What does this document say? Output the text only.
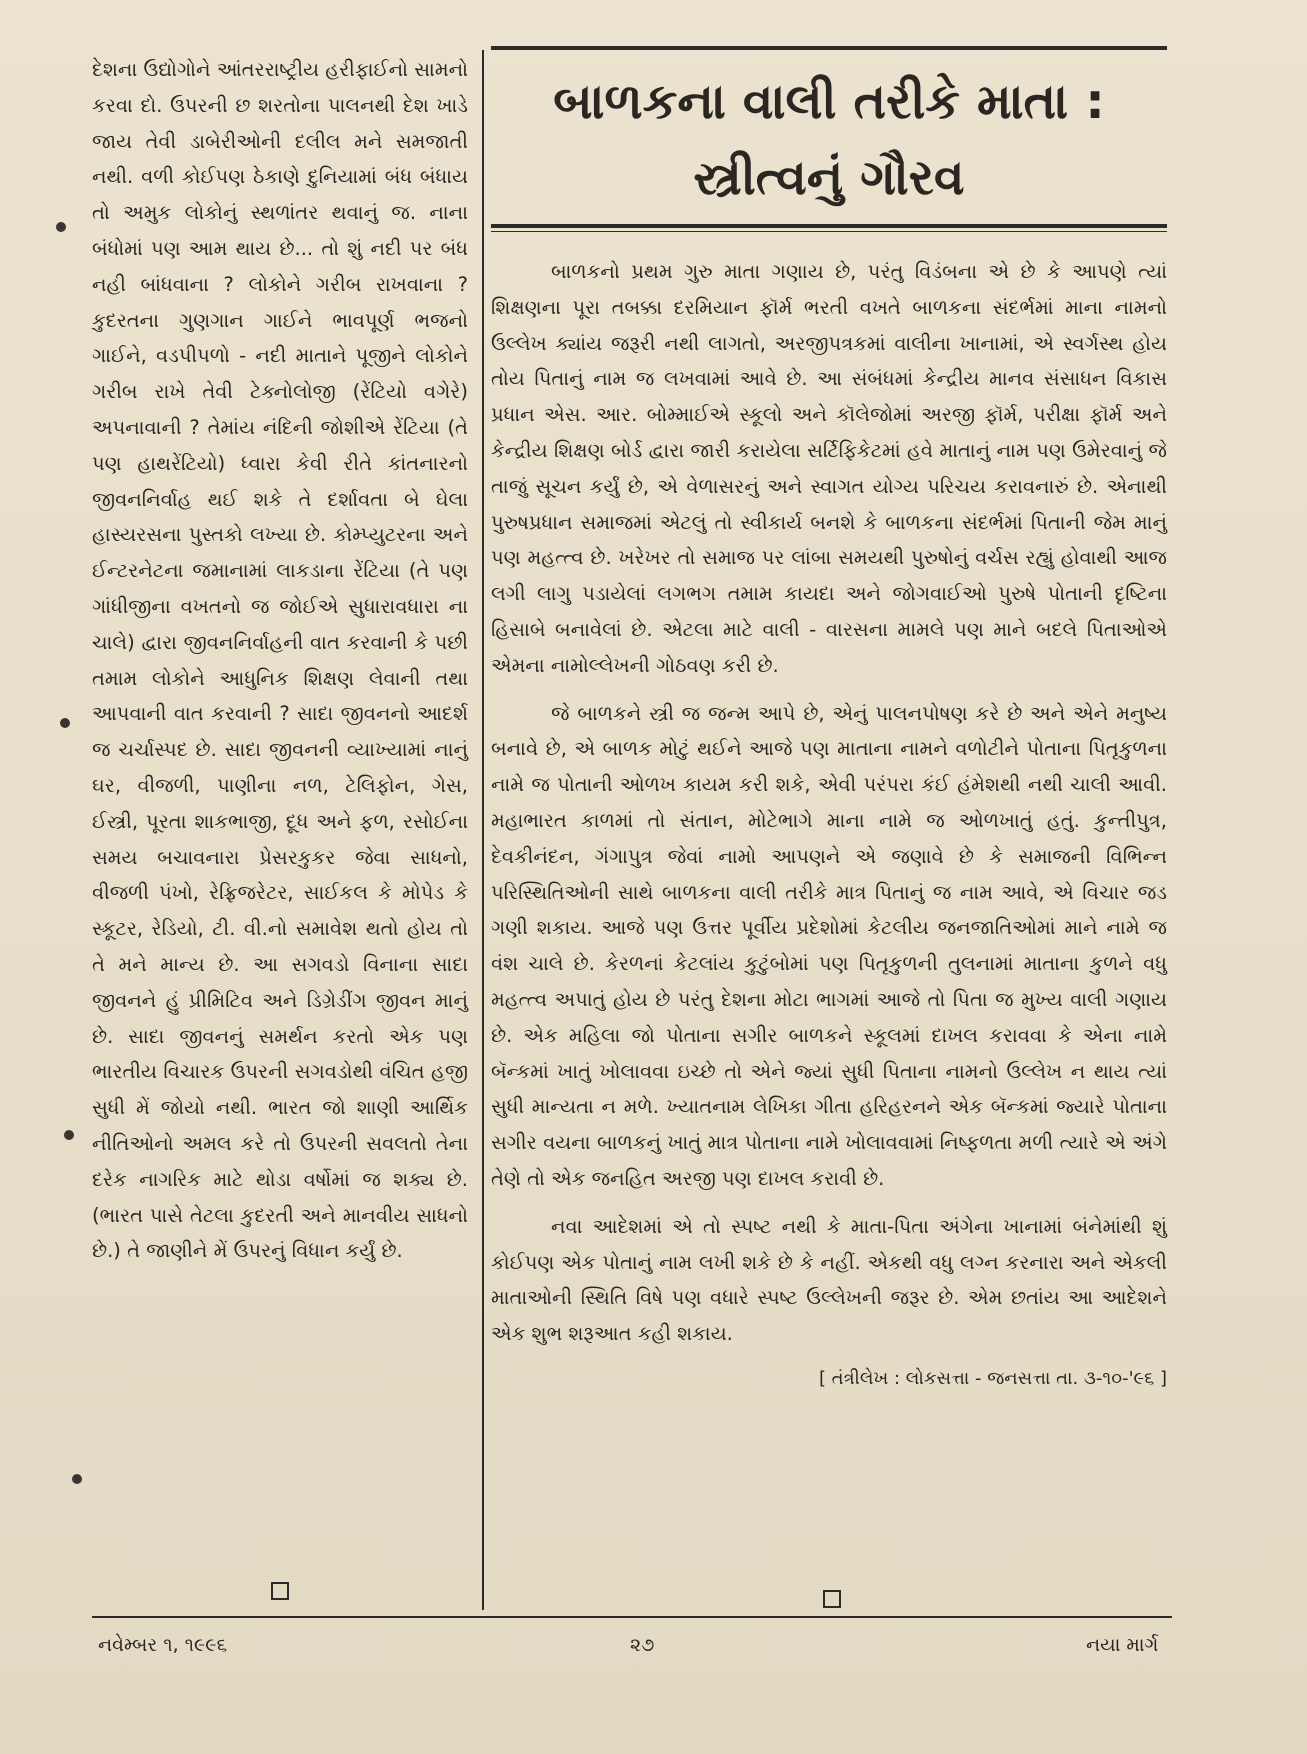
દેશના ઉદ્યોગોને આંતરરાષ્ટ્રીય હરીફાઈનો સામનો કરવા દો. ઉપરની છ શરતોના પાલનથી દેશ ખાડે જાય તેવી ડાબેરીઓની દલીલ મને સમજાતી નથી. વળી કોઈપણ ઠેકાણે દુનિયામાં બંધ બંધાય તો અમુક લોકોનું સ્થળાંતર થવાનું જ. નાના બંધોમાં પણ આમ થાય છે... તો શું નદી પર બંધ નહી બાંધવાના ? લોકોને ગરીબ રાખવાના ? કુદરતના ગુણગાન ગાઈને ભાવપૂર્ણ ભજનો ગાઈને, વડપીપળો - નદી માતાને પૂજીને લોકોને ગરીબ રાખે તેવી ટેક્નોલોજી (રેંટિયો વગેરે) અપનાવાની ? તેમાંય નંદિની જોશીએ રેંટિયા (તે પણ હાથરેંટિયો) ધ્વારા કેવી રીતે કાંતનારનો જીવનનિર્વાહ થઈ શકે તે દર્શાવતા બે ઘેલા હાસ્યરસના પુસ્તકો લખ્યા છે. કોમ્પ્યુટરના અને ઈન્ટરનેટના જમાનામાં લાકડાના રેંટિયા (તે પણ ગાંધીજીના વખતનો જ જોઈએ સુધારાવધારા ના ચાલે) દ્વારા જીવનનિર્વાહની વાત કરવાની કે પછી તમામ લોકોને આધુનિક શિક્ષણ લેવાની તથા આપવાની વાત કરવાની ? સાદા જીવનનો આદર્શ જ ચર્ચાસ્પદ છે. સાદા જીવનની વ્યાખ્યામાં નાનું ઘર, વીજળી, પાણીના નળ, ટેલિફોન, ગેસ, ઈસ્ત્રી, પૂરતા શાકભાજી, દૂધ અને ફળ, રસોઈના સમય બચાવનારા પ્રેસરકુકર જેવા સાધનો, વીજળી પંખો, રેફ્રિજરેટર, સાઈકલ કે મોપેડ કે સ્કૂટર, રેડિયો, ટી. વી.નો સમાવેશ થતો હોય તો તે મને માન્ય છે. આ સગવડો વિનાના સાદા જીવનને હું પ્રીમિટિવ અને ડિગ્રેડીંગ જીવન માનું છે. સાદા જીવનનું સમર્થન કરતો એક પણ ભારતીય વિચારક ઉપરની સગવડોથી વંચિત હજી સુધી મેં જોયો નથી. ભારત જો શાણી આર્થિક નીતિઓનો અમલ કરે તો ઉપરની સવલતો તેના દરેક નાગરિક માટે થોડા વર્ષોમાં જ શક્ય છે. (ભારત પાસે તેટલા કુદરતી અને માનવીય સાધનો છે.) તે જાણીને મેં ઉપરનું વિધાન કર્યું છે.

બાળકના વાલી તરીકે માતા :
સ્ત્રીત્વનું ગૌરવ

બાળકનો પ્રથમ ગુરુ માતા ગણાય છે, પરંતુ વિડંબના એ છે કે આપણે ત્યાં શિક્ષણના પૂરા તબક્કા દરમિયાન ફૉર્મ ભરતી વખતે બાળકના સંદર્ભમાં માના નામનો ઉલ્લેખ ક્યાંય જરૂરી નથી લાગતો, અરજીપત્રકમાં વાલીના ખાનામાં, એ સ્વર્ગસ્થ હોય તોય પિતાનું નામ જ લખવામાં આવે છે. આ સંબંધમાં કેન્દ્રીય માનવ સંસાધન વિકાસ પ્રધાન એસ. આર. બોમ્માઈએ સ્કૂલો અને કૉલેજોમાં અરજી ફૉર્મ, પરીક્ષા ફૉર્મ અને કેન્દ્રીય શિક્ષણ બોર્ડ દ્વારા જારી કરાયેલા સર્ટિફિકેટમાં હવે માતાનું નામ પણ ઉમેરવાનું જે તાજું સૂચન કર્યું છે, એ વેળાસરનું અને સ્વાગત યોગ્ય પરિચય કરાવનારું છે. એનાથી પુરુષપ્રધાન સમાજમાં એટલું તો સ્વીકાર્ય બનશે કે બાળકના સંદર્ભમાં પિતાની જેમ માનું પણ મહત્ત્વ છે. ખરેખર તો સમાજ પર લાંબા સમયથી પુરુષોનું વર્ચસ રહ્યું હોવાથી આજ લગી લાગુ પડાયેલાં લગભગ તમામ કાયદા અને જોગવાઈઓ પુરુષે પોતાની દૃષ્ટિના હિસાબે બનાવેલાં છે. એટલા માટે વાલી - વારસના મામલે પણ માને બદલે પિતાઓએ એમના નામોલ્લેખની ગોઠવણ કરી છે.

જે બાળકને સ્ત્રી જ જન્મ આપે છે, એનું પાલનપોષણ કરે છે અને એને મનુષ્ય બનાવે છે, એ બાળક મોટું થઈને આજે પણ માતાના નામને વળોટીને પોતાના પિતૃકુળના નામે જ પોતાની ઓળખ કાયમ કરી શકે, એવી પરંપરા કંઈ હંમેશથી નથી ચાલી આવી. મહાભારત કાળમાં તો સંતાન, મોટેભાગે માના નામે જ ઓળખાતું હતું. કુન્તીપુત્ર, દેવકીનંદન, ગંગાપુત્ર જેવાં નામો આપણને એ જણાવે છે કે સમાજની વિભિન્ન પરિસ્થિતિઓની સાથે બાળકના વાલી તરીકે માત્ર પિતાનું જ નામ આવે, એ વિચાર જડ ગણી શકાય. આજે પણ ઉત્તર પૂર્વીય પ્રદેશોમાં કેટલીય જનજાતિઓમાં માને નામે જ વંશ ચાલે છે. કેરળનાં કેટલાંય કુટુંબોમાં પણ પિતૃકુળની તુલનામાં માતાના કુળને વધુ મહત્ત્વ અપાતું હોય છે પરંતુ દેશના મોટા ભાગમાં આજે તો પિતા જ મુખ્ય વાલી ગણાય છે. એક મહિલા જો પોતાના સગીર બાળકને સ્કૂલમાં દાખલ કરાવવા કે એના નામે બૅન્કમાં ખાતું ખોલાવવા ઇચ્છે તો એને જ્યાં સુધી પિતાના નામનો ઉલ્લેખ ન થાય ત્યાં સુધી માન્યતા ન મળે. ખ્યાતનામ લેખિકા ગીતા હરિહરનને એક બૅન્કમાં જ્યારે પોતાના સગીર વયના બાળકનું ખાતું માત્ર પોતાના નામે ખોલાવવામાં નિષ્ફળતા મળી ત્યારે એ અંગે તેણે તો એક જનહિત અરજી પણ દાખલ કરાવી છે.

નવા આદેશમાં એ તો સ્પષ્ટ નથી કે માતા-પિતા અંગેના ખાનામાં બંનેમાંથી શું કોઈપણ એક પોતાનું નામ લખી શકે છે કે નહીં. એકથી વધુ લગ્ન કરનારા અને એકલી માતાઓની સ્થિતિ વિષે પણ વધારે સ્પષ્ટ ઉલ્લેખની જરૂર છે. એમ છતાંય આ આદેશને એક શુભ શરૂઆત કહી શકાય.

[ તંત્રીલેખ : લોકસત્તા - જનસત્તા તા. ૩-૧૦-'૯૬ ]
નવેમ્બર ૧, ૧૯૯૬	૨૭	નયા માર્ગ
